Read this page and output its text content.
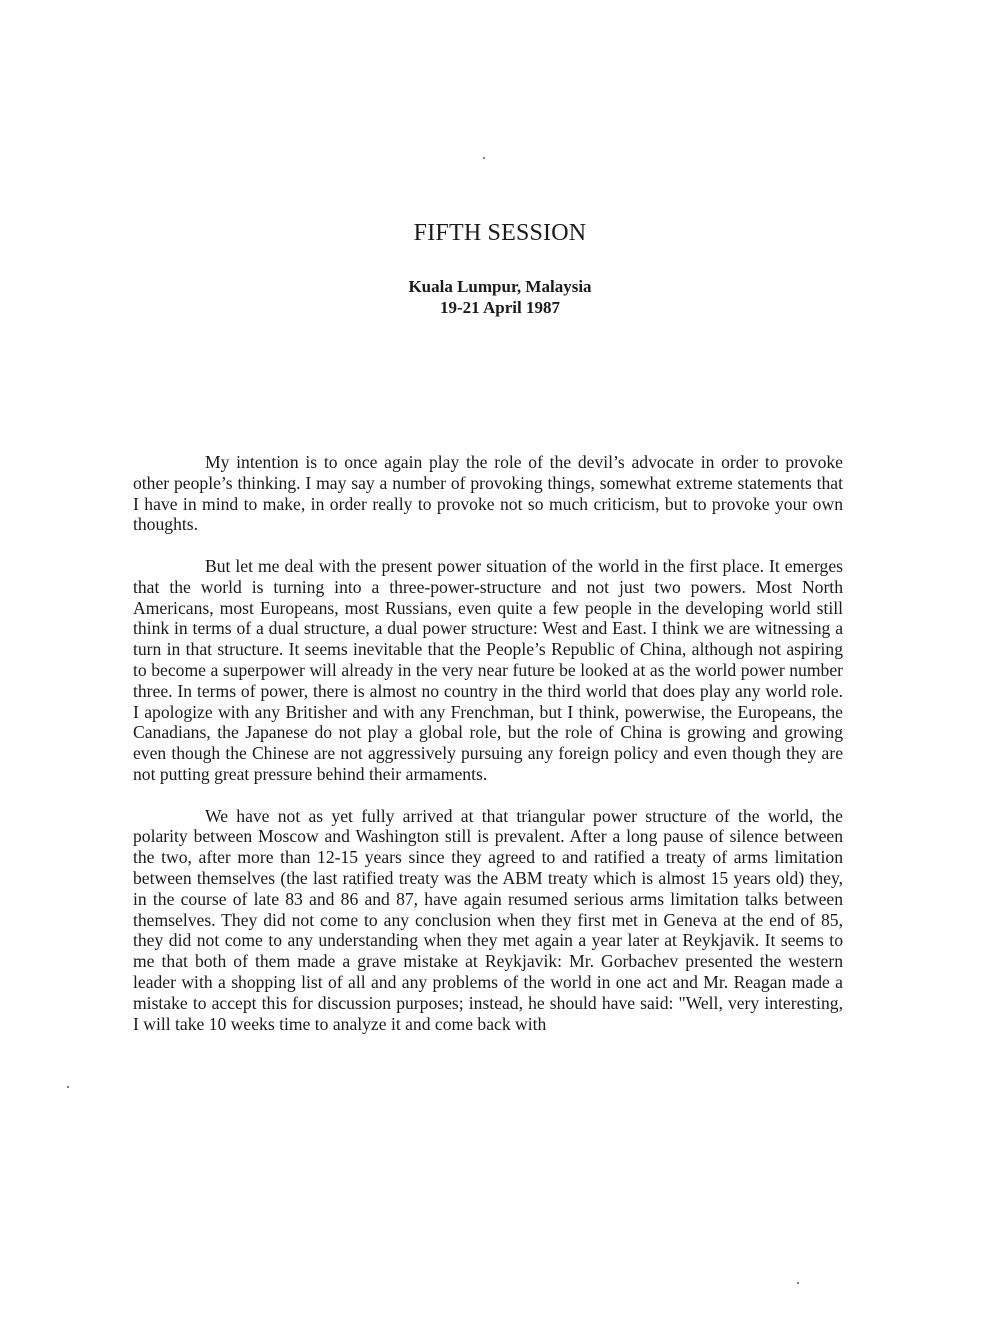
FIFTH SESSION
Kuala Lumpur, Malaysia
19-21 April 1987

My intention is to once again play the role of the devil’s advocate in order to provoke other people’s thinking. I may say a number of provoking things, somewhat extreme statements that I have in mind to make, in order really to provoke not so much criticism, but to provoke your own thoughts.

But let me deal with the present power situation of the world in the first place. It emerges that the world is turning into a three-power-structure and not just two powers. Most North Americans, most Europeans, most Russians, even quite a few people in the developing world still think in terms of a dual structure, a dual power structure: West and East. I think we are witnessing a turn in that structure. It seems inevitable that the People’s Republic of China, although not aspiring to become a superpower will already in the very near future be looked at as the world power number three. In terms of power, there is almost no country in the third world that does play any world role. I apologize with any Britisher and with any Frenchman, but I think, powerwise, the Europeans, the Canadians, the Japanese do not play a global role, but the role of China is growing and growing even though the Chinese are not aggressively pursuing any foreign policy and even though they are not putting great pressure behind their armaments.

We have not as yet fully arrived at that triangular power structure of the world, the polarity between Moscow and Washington still is prevalent. After a long pause of silence between the two, after more than 12-15 years since they agreed to and ratified a treaty of arms limitation between themselves (the last ratified treaty was the ABM treaty which is almost 15 years old) they, in the course of late 83 and 86 and 87, have again resumed serious arms limitation talks between themselves. They did not come to any conclusion when they first met in Geneva at the end of 85, they did not come to any understanding when they met again a year later at Reykjavik. It seems to me that both of them made a grave mistake at Reykjavik: Mr. Gorbachev presented the western leader with a shopping list of all and any problems of the world in one act and Mr. Reagan made a mistake to accept this for discussion purposes; instead, he should have said: "Well, very interesting, I will take 10 weeks time to analyze it and come back with
